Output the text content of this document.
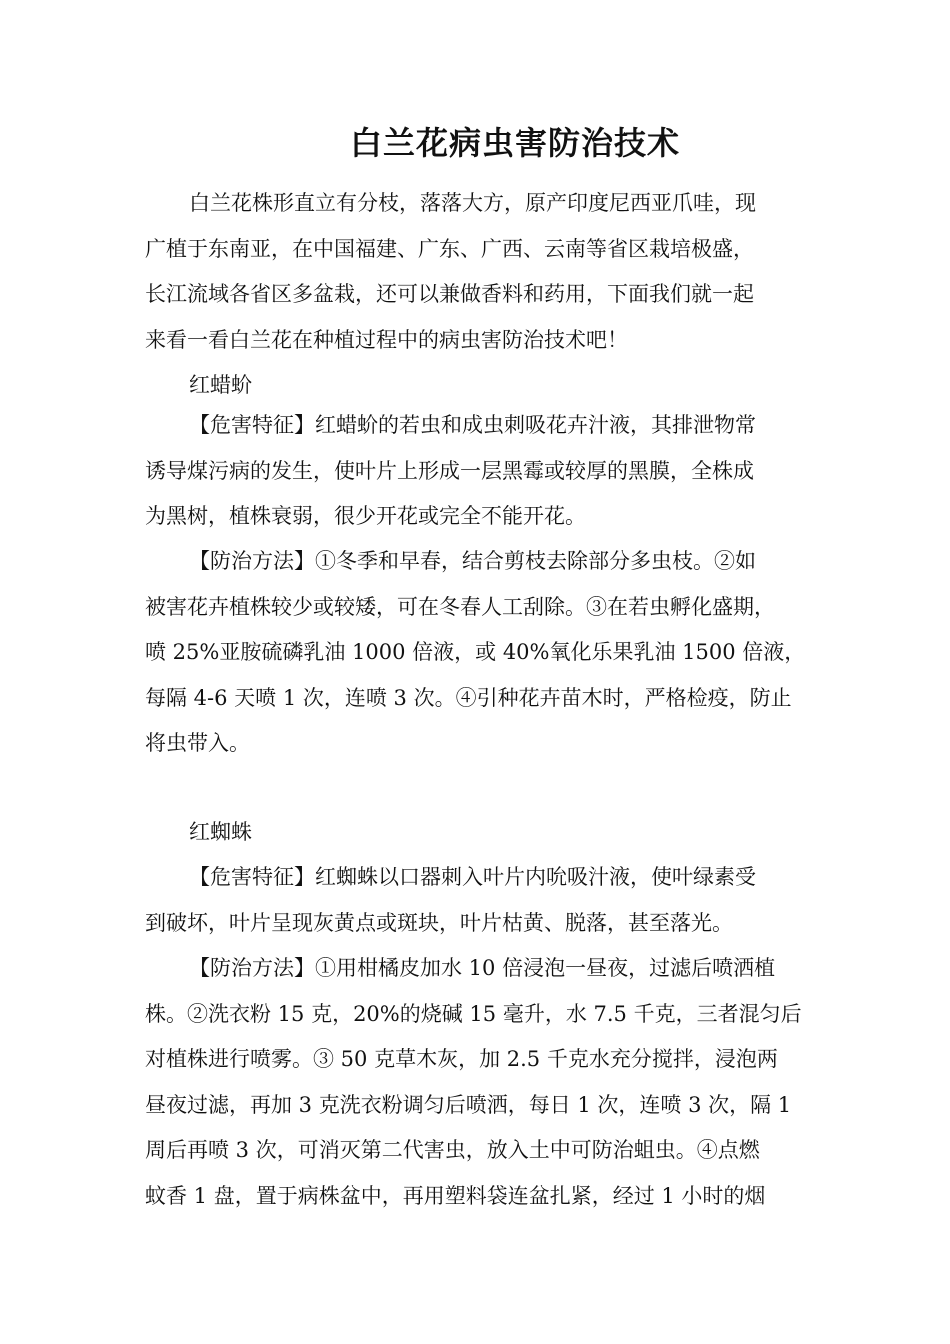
白兰花病虫害防治技术
白兰花株形直立有分枝，落落大方，原产印度尼西亚爪哇，现
广植于东南亚，在中国福建、广东、广西、云南等省区栽培极盛，
长江流域各省区多盆栽，还可以兼做香料和药用，下面我们就一起
来看一看白兰花在种植过程中的病虫害防治技术吧！
红蜡蚧
【危害特征】红蜡蚧的若虫和成虫刺吸花卉汁液，其排泄物常
诱导煤污病的发生，使叶片上形成一层黑霉或较厚的黑膜，全株成
为黑树，植株衰弱，很少开花或完全不能开花。
【防治方法】①冬季和早春，结合剪枝去除部分多虫枝。②如
被害花卉植株较少或较矮，可在冬春人工刮除。③在若虫孵化盛期，
喷 25%亚胺硫磷乳油 1000 倍液，或 40%氧化乐果乳油 1500 倍液，
每隔 4-6 天喷 1 次，连喷 3 次。④引种花卉苗木时，严格检疫，防止
将虫带入。
红蜘蛛
【危害特征】红蜘蛛以口器刺入叶片内吮吸汁液，使叶绿素受
到破坏，叶片呈现灰黄点或斑块，叶片枯黄、脱落，甚至落光。
【防治方法】①用柑橘皮加水 10 倍浸泡一昼夜，过滤后喷洒植
株。②洗衣粉 15 克，20%的烧碱 15 毫升，水 7.5 千克，三者混匀后
对植株进行喷雾。③ 50 克草木灰，加 2.5 千克水充分搅拌，浸泡两
昼夜过滤，再加 3 克洗衣粉调匀后喷洒，每日 1 次，连喷 3 次，隔 1
周后再喷 3 次，可消灭第二代害虫，放入土中可防治蛆虫。④点燃
蚊香 1 盘，置于病株盆中，再用塑料袋连盆扎紧，经过 1 小时的烟
